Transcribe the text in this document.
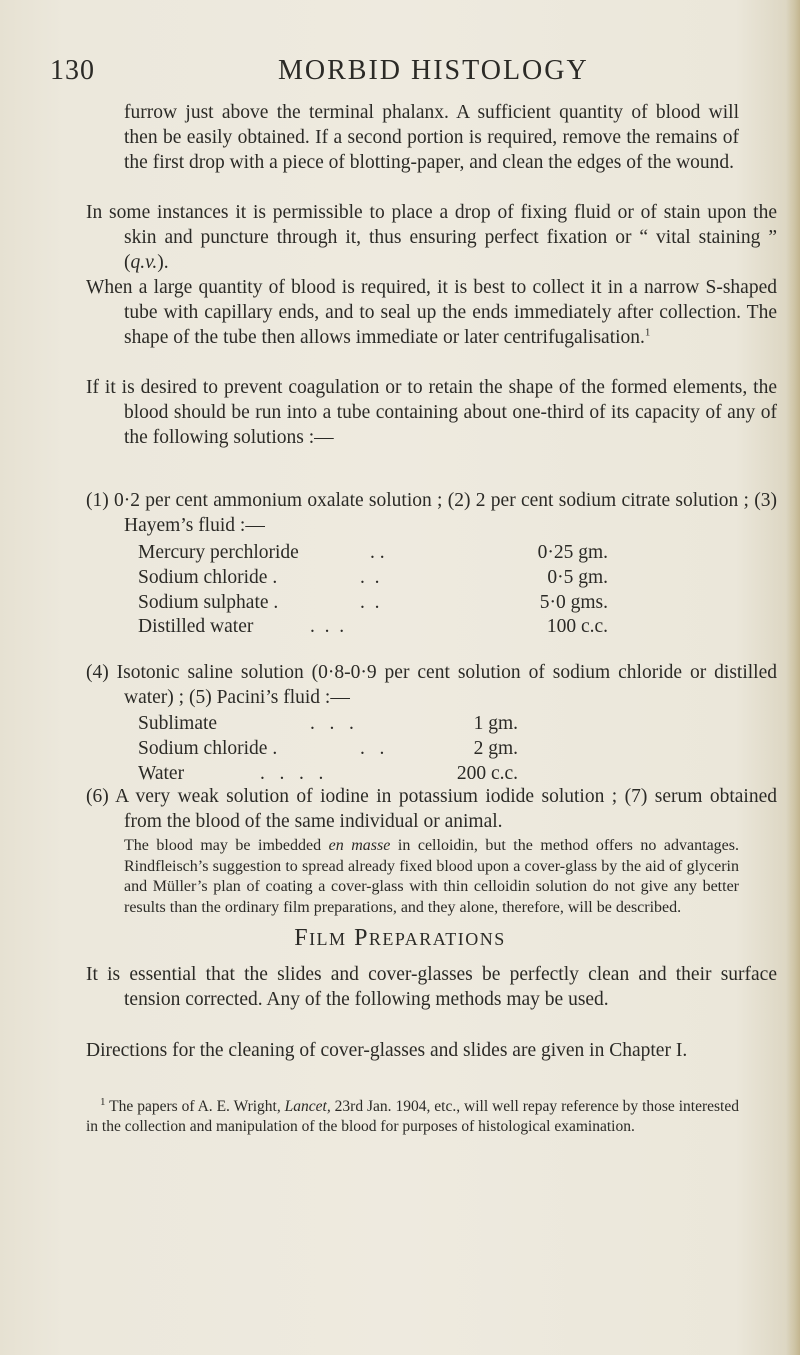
130	MORBID HISTOLOGY

furrow just above the terminal phalanx. A sufficient quantity of blood will then be easily obtained. If a second portion is required, remove the remains of the first drop with a piece of blotting-paper, and clean the edges of the wound.

In some instances it is permissible to place a drop of fixing fluid or of stain upon the skin and puncture through it, thus ensuring perfect fixation or “ vital staining ” (q.v.).

When a large quantity of blood is required, it is best to collect it in a narrow S-shaped tube with capillary ends, and to seal up the ends immediately after collection. The shape of the tube then allows immediate or later centrifugalisation.$^1$

If it is desired to prevent coagulation or to retain the shape of the formed elements, the blood should be run into a tube containing about one-third of its capacity of any of the following solutions :—

(1) 0·2 per cent ammonium oxalate solution ; (2) 2 per cent sodium citrate solution ; (3) Hayem’s fluid :—

Mercury perchloride	. .	0·25 gm.
Sodium chloride .	.  .	0·5 gm.
Sodium sulphate .	.  .	5·0 gms.
Distilled water	.  .  .	100 c.c.

(4) Isotonic saline solution (0·8-0·9 per cent solution of sodium chloride or distilled water) ; (5) Pacini’s fluid :—

Sublimate	.   .   .	1 gm.
Sodium chloride .	.   .	2 gm.
Water	.   .   .   .	200 c.c.

(6) A very weak solution of iodine in potassium iodide solution ; (7) serum obtained from the blood of the same individual or animal.

The blood may be imbedded en masse in celloidin, but the method offers no advantages. Rindfleisch’s suggestion to spread already fixed blood upon a cover-glass by the aid of glycerin and Müller’s plan of coating a cover-glass with thin celloidin solution do not give any better results than the ordinary film preparations, and they alone, therefore, will be described.

FILM PREPARATIONS

It is essential that the slides and cover-glasses be perfectly clean and their surface tension corrected. Any of the following methods may be used.

Directions for the cleaning of cover-glasses and slides are given in Chapter I.

$^1$ The papers of A. E. Wright, Lancet, 23rd Jan. 1904, etc., will well repay reference by those interested in the collection and manipulation of the blood for purposes of histological examination.
